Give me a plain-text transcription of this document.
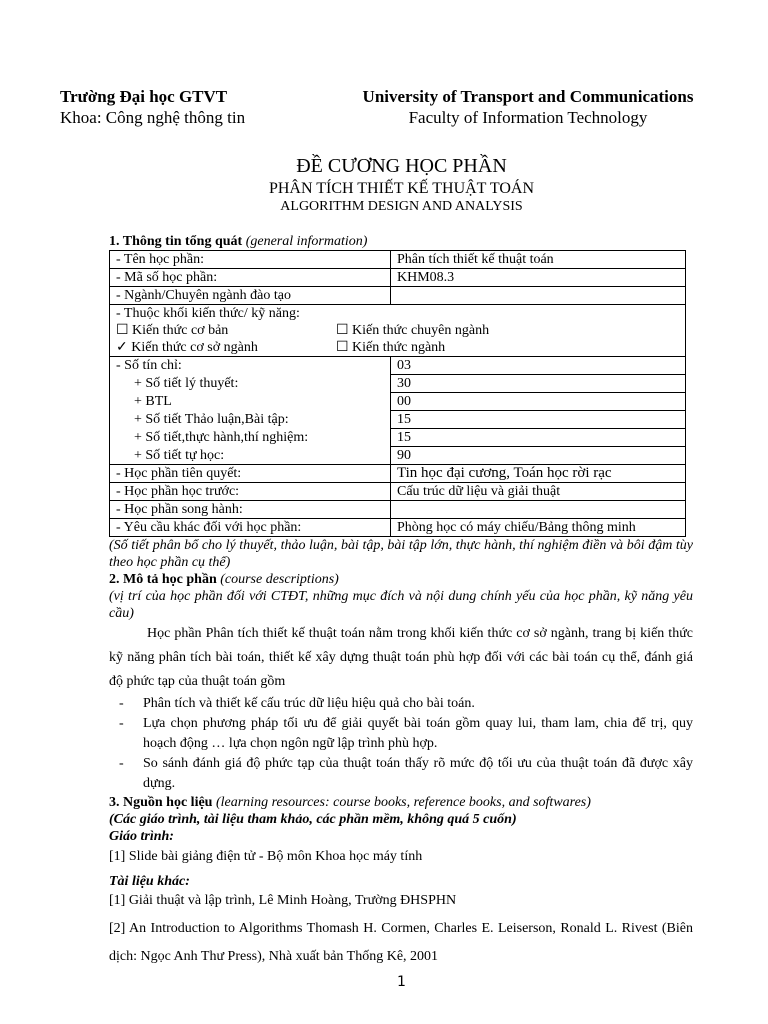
Trường Đại học GTVT
Khoa: Công nghệ thông tin
University of Transport and Communications
Faculty of Information Technology
ĐỀ CƯƠNG HỌC PHẦN
PHÂN TÍCH THIẾT KẾ THUẬT TOÁN
ALGORITHM DESIGN AND ANALYSIS

1. Thông tin tổng quát (general information)

- Tên học phần:	Phân tích thiết kế thuật toán
- Mã số học phần:	KHM08.3
- Ngành/Chuyên ngành đào tạo	

- Thuộc khối kiến thức/ kỹ năng:
☐ Kiến thức cơ bản ☐ Kiến thức chuyên ngành
✓ Kiến thức cơ sở ngành ☐ Kiến thức ngành	

- Số tín chỉ:	03
+ Số tiết lý thuyết:	30
+ BTL	00
+ Số tiết Thảo luận,Bài tập:	15
+ Số tiết,thực hành,thí nghiệm:	15
+ Số tiết tự học:	90
- Học phần tiên quyết:	Tin học đại cương, Toán học rời rạc
- Học phần học trước:	Cấu trúc dữ liệu và giải thuật
- Học phần song hành:	
- Yêu cầu khác đối với học phần:	Phòng học có máy chiếu/Bảng thông minh
(Số tiết phân bổ cho lý thuyết, thảo luận, bài tập, bài tập lớn, thực hành, thí nghiệm điền và bôi đậm tùy theo học phần cụ thể)

2. Mô tả học phần (course descriptions)

(vị trí của học phần đối với CTĐT, những mục đích và nội dung chính yếu của học phần, kỹ năng yêu cầu)

Học phần Phân tích thiết kế thuật toán nằm trong khối kiến thức cơ sở ngành, trang bị kiến thức kỹ năng phân tích bài toán, thiết kế xây dựng thuật toán phù hợp đối với các bài toán cụ thể, đánh giá độ phức tạp của thuật toán gồm

- Phân tích và thiết kế cấu trúc dữ liệu hiệu quả cho bài toán.
- Lựa chọn phương pháp tối ưu để giải quyết bài toán gồm quay lui, tham lam, chia để trị, quy hoạch động … lựa chọn ngôn ngữ lập trình phù hợp.
- So sánh đánh giá độ phức tạp của thuật toán thấy rõ mức độ tối ưu của thuật toán đã được xây dựng.

3. Nguồn học liệu (learning resources: course books, reference books, and softwares)

(Các giáo trình, tài liệu tham khảo, các phần mềm, không quá 5 cuốn)
Giáo trình:

[1] Slide bài giảng điện tử - Bộ môn Khoa học máy tính

Tài liệu khác:

[1] Giải thuật và lập trình, Lê Minh Hoàng, Trường ĐHSPHN

[2] An Introduction to Algorithms Thomash H. Cormen, Charles E. Leiserson, Ronald L. Rivest (Biên dịch: Ngọc Anh Thư Press), Nhà xuất bản Thống Kê, 2001

1
